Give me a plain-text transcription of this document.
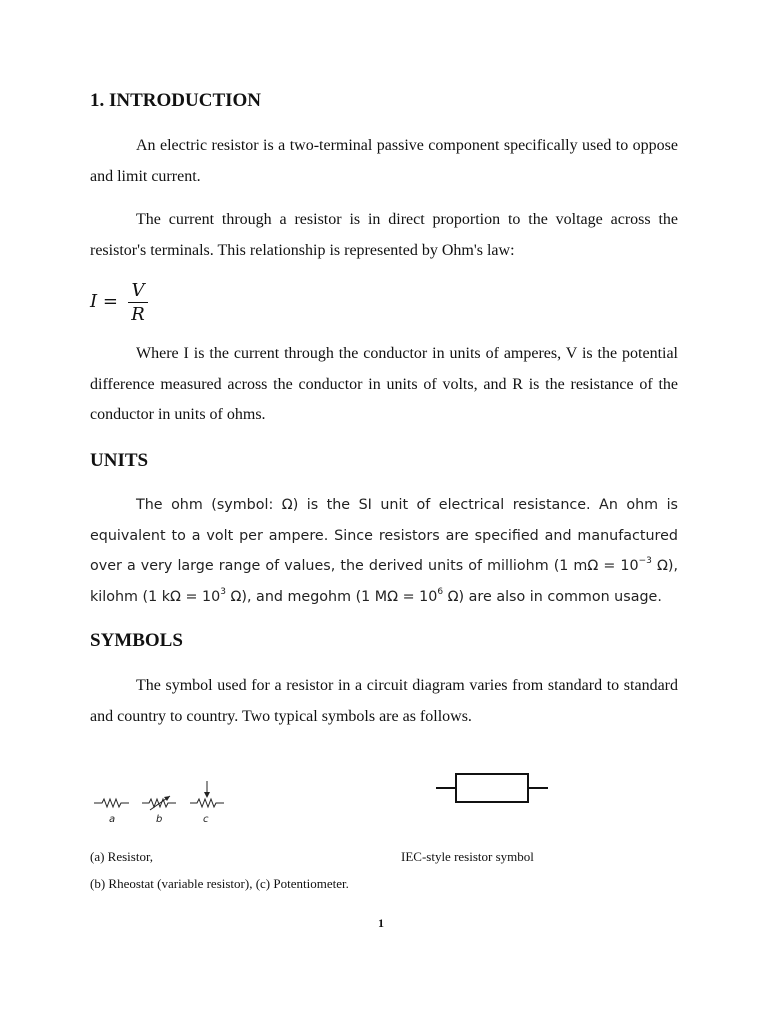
1. INTRODUCTION

An electric resistor is a two-terminal passive component specifically used to oppose and limit current.

The current through a resistor is in direct proportion to the voltage across the resistor's terminals. This relationship is represented by Ohm's law:

I =
V
R

Where I is the current through the conductor in units of amperes, V is the potential difference measured across the conductor in units of volts, and R is the resistance of the conductor in units of ohms.

UNITS

The ohm (symbol: Ω) is the SI unit of electrical resistance. An ohm is equivalent to a volt per ampere. Since resistors are specified and manufactured over a very large range of values, the derived units of milliohm (1 $m\Omega = 10^{-3}$ Ω), kilohm (1 $k\Omega = 10^3$ Ω), and megohm (1 $M\Omega = 10^6$ Ω) are also in common usage.

SYMBOLS

The symbol used for a resistor in a circuit diagram varies from standard to standard and country to country. Two typical symbols are as follows.

a	b	c
(a) Resistor,	IEC-style resistor symbol
(b) Rheostat (variable resistor), (c) Potentiometer.
1
